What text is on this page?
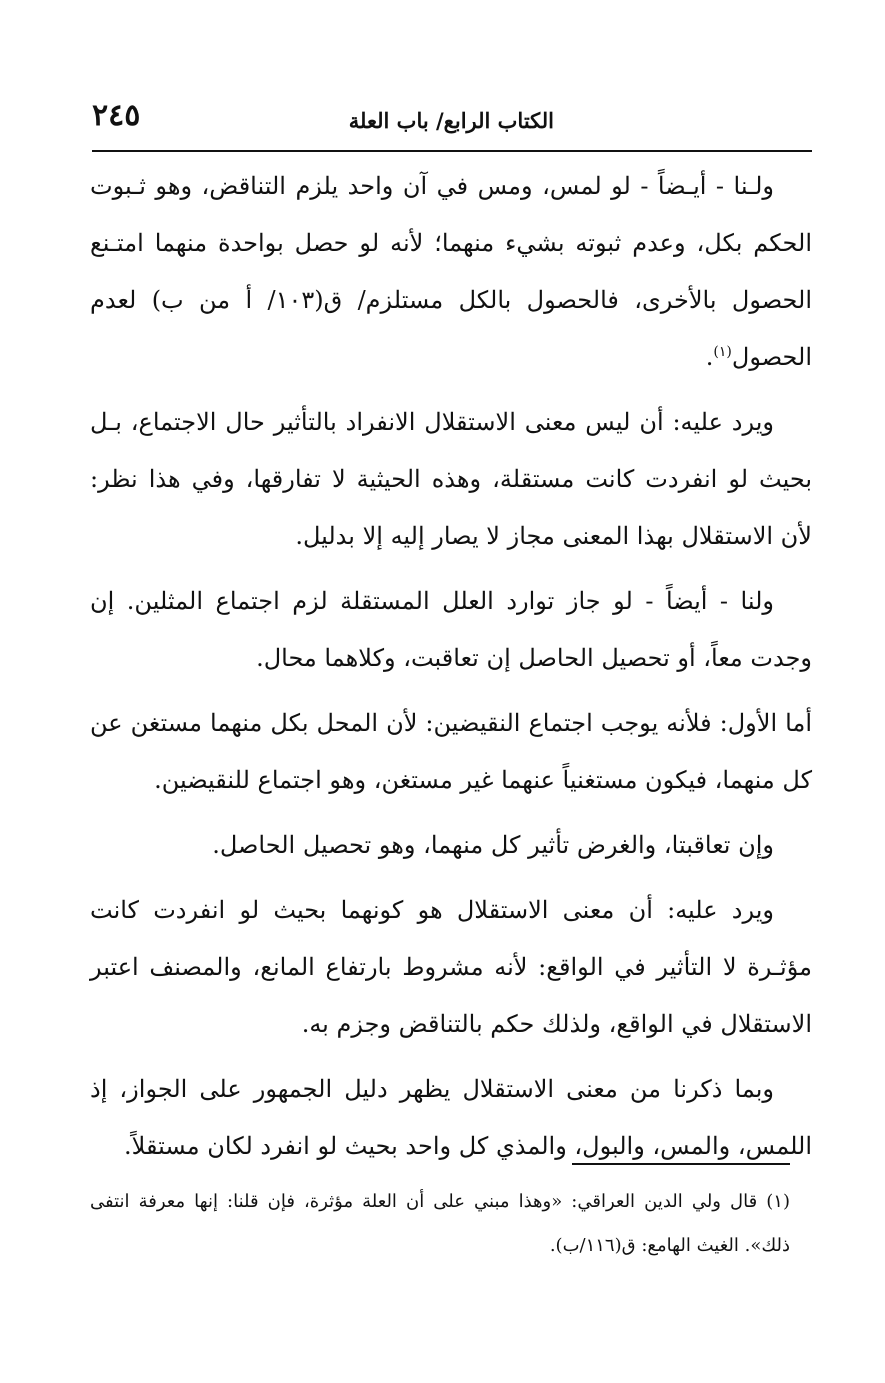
الكتاب الرابع/ باب العلة
٢٤٥

ولـنا - أيـضاً - لو لمس، ومس في آن واحد يلزم التناقض، وهو ثـبوت الحكم بكل، وعدم ثبوته بشيء منهما؛ لأنه لو حصل بواحدة منهما امتـنع الحصول بالأخرى، فالحصول بالكل مستلزم/ ق(١٠٣/ أ من ب) لعدم الحصول$^{(١)}$.

ويرد عليه: أن ليس معنى الاستقلال الانفراد بالتأثير حال الاجتماع، بـل بحيث لو انفردت كانت مستقلة، وهذه الحيثية لا تفارقها، وفي هذا نظر: لأن الاستقلال بهذا المعنى مجاز لا يصار إليه إلا بدليل.

ولنا - أيضاً - لو جاز توارد العلل المستقلة لزم اجتماع المثلين. إن وجدت معاً، أو تحصيل الحاصل إن تعاقبت، وكلاهما محال.

أما الأول: فلأنه يوجب اجتماع النقيضين: لأن المحل بكل منهما مستغن عن كل منهما، فيكون مستغنياً عنهما غير مستغن، وهو اجتماع للنقيضين.

وإن تعاقبتا، والغرض تأثير كل منهما، وهو تحصيل الحاصل.

ويرد عليه: أن معنى الاستقلال هو كونهما بحيث لو انفردت كانت مؤثـرة لا التأثير في الواقع: لأنه مشروط بارتفاع المانع، والمصنف اعتبر الاستقلال في الواقع، ولذلك حكم بالتناقض وجزم به.

وبما ذكرنا من معنى الاستقلال يظهر دليل الجمهور على الجواز، إذ اللمس، والمس، والبول، والمذي كل واحد بحيث لو انفرد لكان مستقلاً.

(١) قال ولي الدين العراقي: «وهذا مبني على أن العلة مؤثرة، فإن قلنا: إنها معرفة انتفى ذلك». الغيث الهامع: ق(١١٦/ب).
